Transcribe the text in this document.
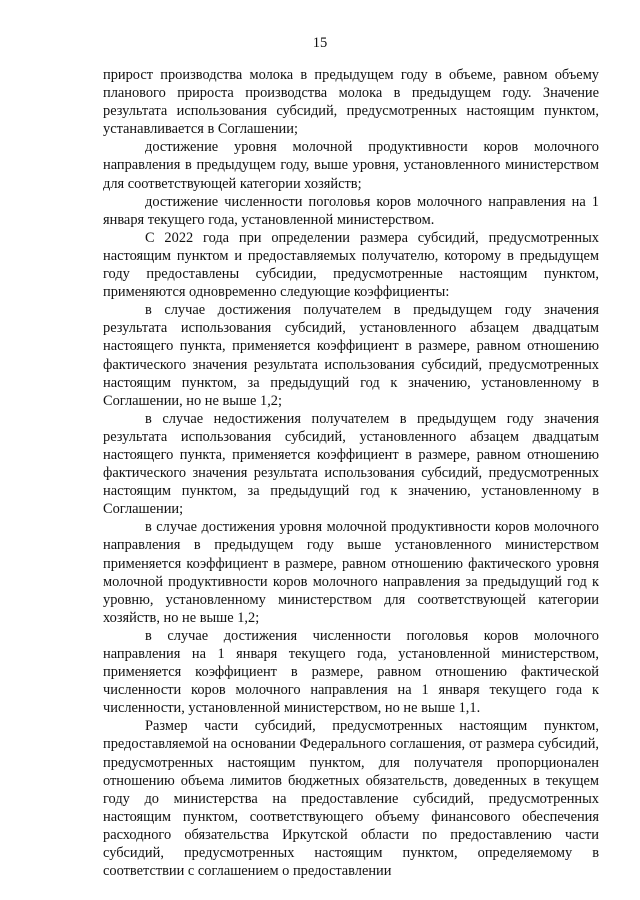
15

прирост производства молока в предыдущем году в объеме, равном объему планового прироста производства молока в предыдущем году. Значение результата использования субсидий, предусмотренных настоящим пунктом, устанавливается в Соглашении;

достижение уровня молочной продуктивности коров молочного направления в предыдущем году, выше уровня, установленного министерством для соответствующей категории хозяйств;

достижение численности поголовья коров молочного направления на 1 января текущего года, установленной министерством.

С 2022 года при определении размера субсидий, предусмотренных настоящим пунктом и предоставляемых получателю, которому в предыдущем году предоставлены субсидии, предусмотренные настоящим пунктом, применяются одновременно следующие коэффициенты:

в случае достижения получателем в предыдущем году значения результата использования субсидий, установленного абзацем двадцатым настоящего пункта, применяется коэффициент в размере, равном отношению фактического значения результата использования субсидий, предусмотренных настоящим пунктом, за предыдущий год к значению, установленному в Соглашении, но не выше 1,2;

в случае недостижения получателем в предыдущем году значения результата использования субсидий, установленного абзацем двадцатым настоящего пункта, применяется коэффициент в размере, равном отношению фактического значения результата использования субсидий, предусмотренных настоящим пунктом, за предыдущий год к значению, установленному в Соглашении;

в случае достижения уровня молочной продуктивности коров молочного направления в предыдущем году выше установленного министерством применяется коэффициент в размере, равном отношению фактического уровня молочной продуктивности коров молочного направления за предыдущий год к уровню, установленному министерством для соответствующей категории хозяйств, но не выше 1,2;

в случае достижения численности поголовья коров молочного направления на 1 января текущего года, установленной министерством, применяется коэффициент в размере, равном отношению фактической численности коров молочного направления на 1 января текущего года к численности, установленной министерством, но не выше 1,1.

Размер части субсидий, предусмотренных настоящим пунктом, предоставляемой на основании Федерального соглашения, от размера субсидий, предусмотренных настоящим пунктом, для получателя пропорционален отношению объема лимитов бюджетных обязательств, доведенных в текущем году до министерства на предоставление субсидий, предусмотренных настоящим пунктом, соответствующего объему финансового обеспечения расходного обязательства Иркутской области по предоставлению части субсидий, предусмотренных настоящим пунктом, определяемому в соответствии с соглашением о предоставлении
